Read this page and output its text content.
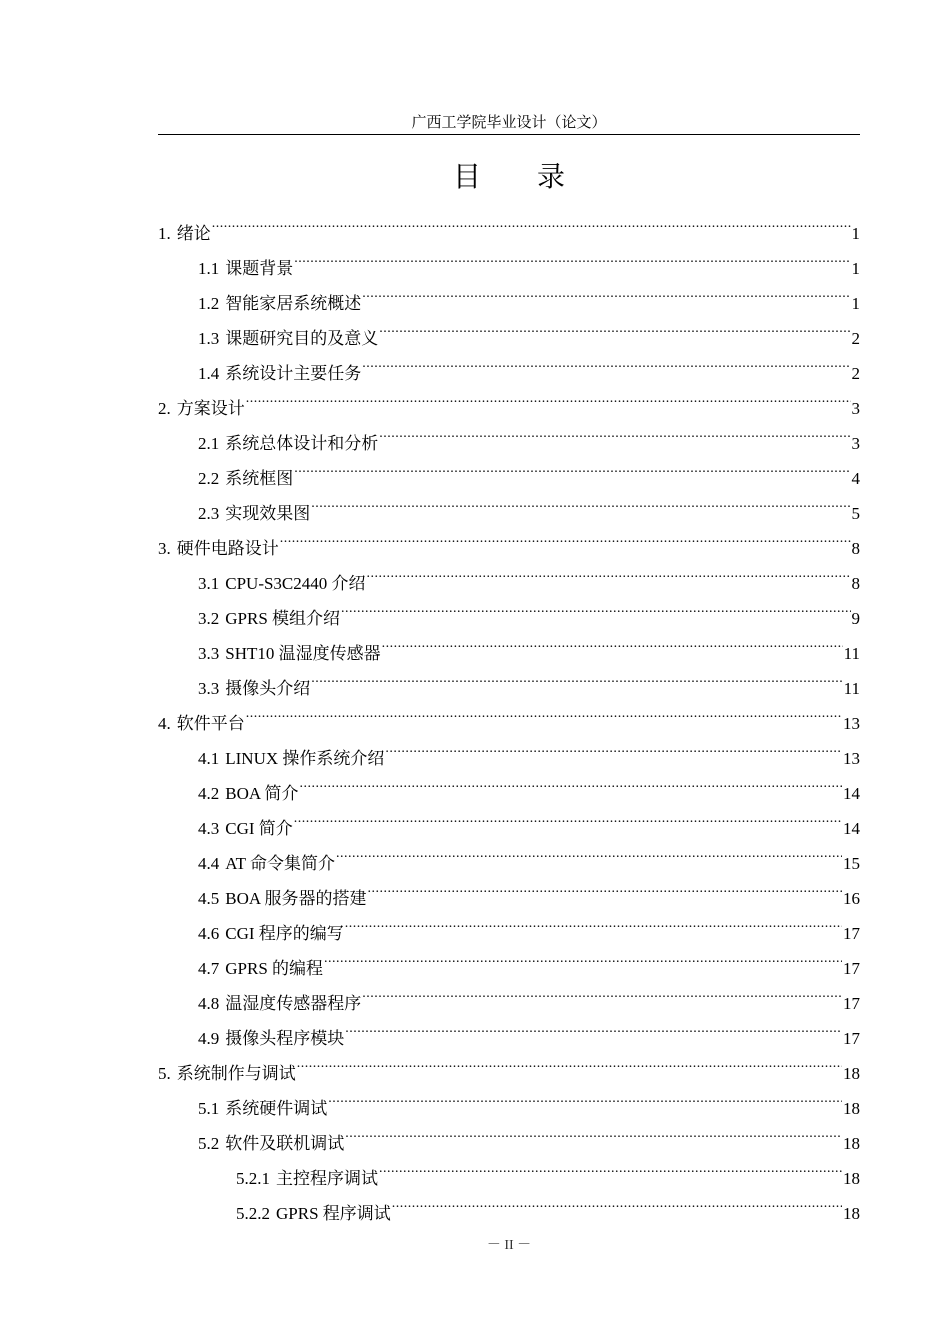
广西工学院毕业设计（论文）
目录
1. 绪论 .....	1
1.1 课题背景 .....	1
1.2 智能家居系统概述 .....	1
1.3 课题研究目的及意义 .....	2
1.4 系统设计主要任务 .....	2
2. 方案设计 .....	3
2.1 系统总体设计和分析 .....	3
2.2 系统框图 .....	4
2.3 实现效果图 .....	5
3. 硬件电路设计 .....	8
3.1 CPU-S3C2440 介绍 .....	8
3.2 GPRS 模组介绍 .....	9
3.3 SHT10 温湿度传感器 .....	11
3.3 摄像头介绍 .....	11
4. 软件平台 .....	13
4.1 LINUX 操作系统介绍 .....	13
4.2 BOA 简介 .....	14
4.3 CGI 简介 .....	14
4.4 AT 命令集简介 .....	15
4.5 BOA 服务器的搭建 .....	16
4.6 CGI 程序的编写 .....	17
4.7 GPRS 的编程 .....	17
4.8 温湿度传感器程序 .....	17
4.9 摄像头程序模块 .....	17
5. 系统制作与调试 .....	18
5.1 系统硬件调试 .....	18
5.2 软件及联机调试 .....	18
5.2.1 主控程序调试 .....	18
5.2.2 GPRS 程序调试 .....	18
－ II －
